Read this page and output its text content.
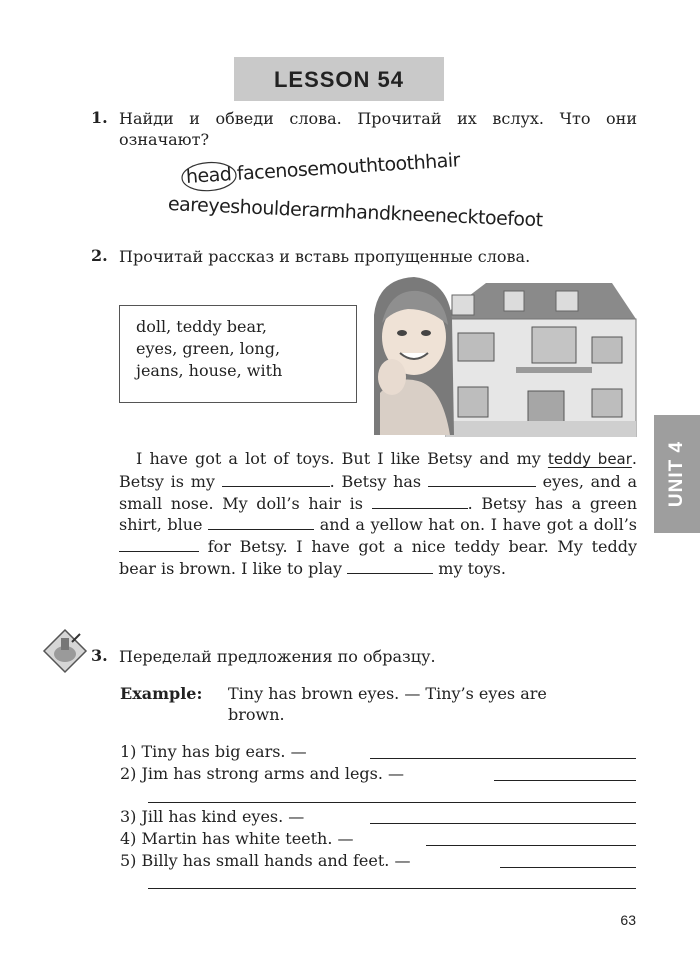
LESSON 54
1. Найди и обведи слова. Прочитай их вслух. Что они означают?
head facenosemouthtoothhair
eareyeshoulderarmhandkneenecktoefoot
2. Прочитай рассказ и вставь пропущенные слова.
doll, teddy bear,
eyes, green, long,
jeans, house, with

I have got a lot of toys. But I like Betsy and my teddy bear. Betsy is my	. Betsy has	eyes, and a small nose. My doll’s hair is	. Betsy has a green shirt, blue	and a yellow hat on. I have got a doll’s  for Betsy. I have got a nice teddy bear. My teddy bear is brown. I like to play	my toys.

UNIT 4
3. Переделай предложения по образцу.
Example: Tiny has brown eyes. — Tiny’s eyes are
brown.
1) Tiny has big ears. —
2) Jim has strong arms and legs. —
3) Jill has kind eyes. —
4) Martin has white teeth. —
5) Billy has small hands and feet. —
63
